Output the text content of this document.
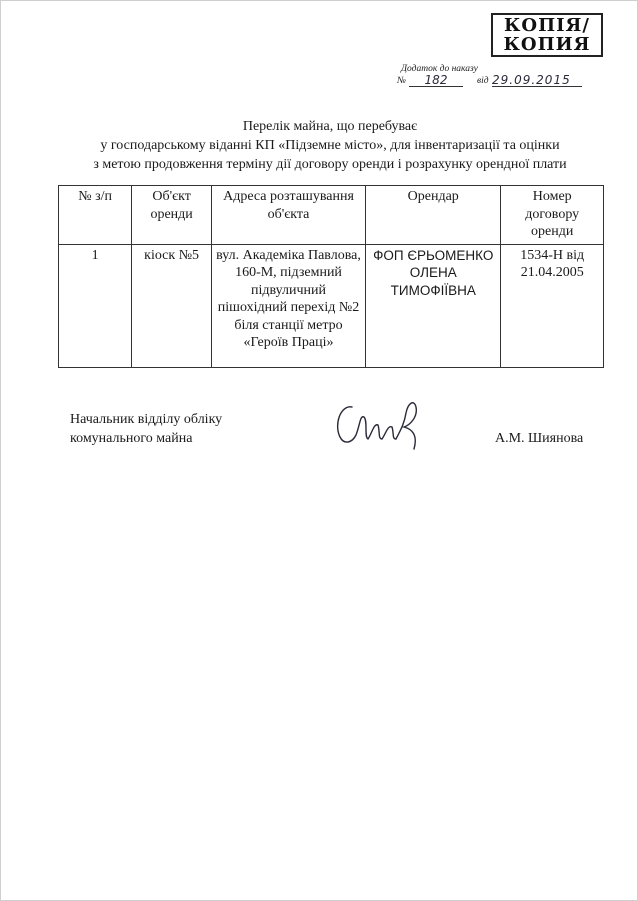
КОПІЯ/
КОПИЯ
Додаток до наказу
№	182	від 29.09.2015
Перелік майна, що перебуває
у господарському віданні КП «Підземне місто», для інвентаризації та оцінки
з метою продовження терміну дії договору оренди і розрахунку орендної плати
№ з/п	Об'єкт оренди	Адреса розташування об'єкта	Орендар	Номер договору оренди
1	кіоск №5	вул. Академіка Павлова, 160-М, підземний підвуличний пішохідний перехід №2 біля станції метро «Героїв Праці»	ФОП ЄРЬОМЕНКО ОЛЕНА ТИМОФІЇВНА	1534-Н від 21.04.2005
Начальник відділу обліку
комунального майна	А.М. Шиянова
